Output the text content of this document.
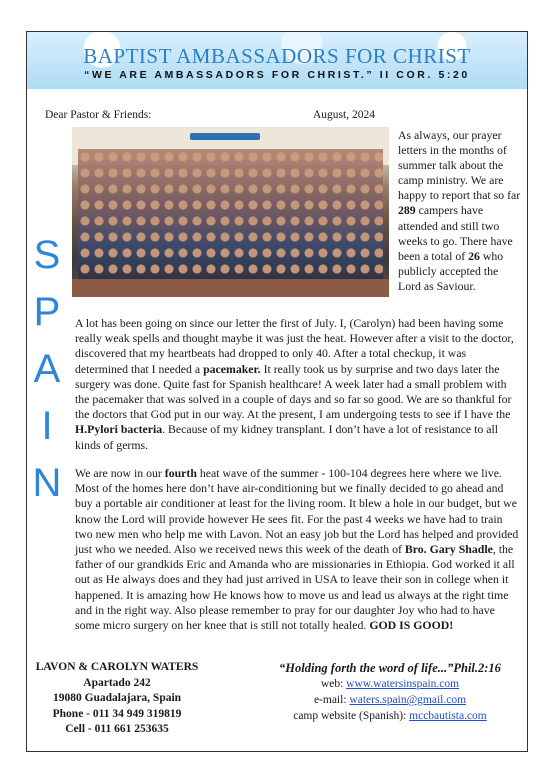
BAPTIST AMBASSADORS FOR CHRIST
“WE ARE AMBASSADORS FOR CHRIST.” II COR. 5:20
Dear Pastor & Friends:	August, 2024
S
P
A
I
N
As always, our prayer letters in the months of summer talk about the camp ministry. We are happy to report that so far 289 campers have attended and still two weeks to go. There have been a total of 26 who publicly accepted the Lord as Saviour.
A lot has been going on since our letter the first of July. I, (Carolyn) had been having some really weak spells and thought maybe it was just the heat. However after a visit to the doctor, discovered that my heartbeats had dropped to only 40. After a total checkup, it was determined that I needed a pacemaker. It really took us by surprise and two days later the surgery was done. Quite fast for Spanish healthcare! A week later had a small problem with the pacemaker that was solved in a couple of days and so far so good. We are so thankful for the doctors that God put in our way. At the present, I am undergoing tests to see if I have the H.Pylori bacteria. Because of my kidney transplant. I don’t have a lot of resistance to all kinds of germs.
We are now in our fourth heat wave of the summer - 100-104 degrees here where we live. Most of the homes here don’t have air-conditioning but we finally decided to go ahead and buy a portable air conditioner at least for the living room. It blew a hole in our budget, but we know the Lord will provide however He sees fit. For the past 4 weeks we have had to train two new men who help me with Lavon. Not an easy job but the Lord has helped and provided just who we needed. Also we received news this week of the death of Bro. Gary Shadle, the father of our grandkids Eric and Amanda who are missionaries in Ethiopia. God worked it all out as He always does and they had just arrived in USA to leave their son in college when it happened. It is amazing how He knows how to move us and lead us always at the right time and in the right way. Also please remember to pray for our daughter Joy who had to have some micro surgery on her knee that is still not totally healed. GOD IS GOOD!
LAVON & CAROLYN WATERS
Apartado 242
19080 Guadalajara, Spain
Phone - 011 34 949 319819
Cell - 011 661 253635
“Holding forth the word of life...”Phil.2:16
web: www.watersinspain.com
e-mail: waters.spain@gmail.com
camp website (Spanish): mccbautista.com
